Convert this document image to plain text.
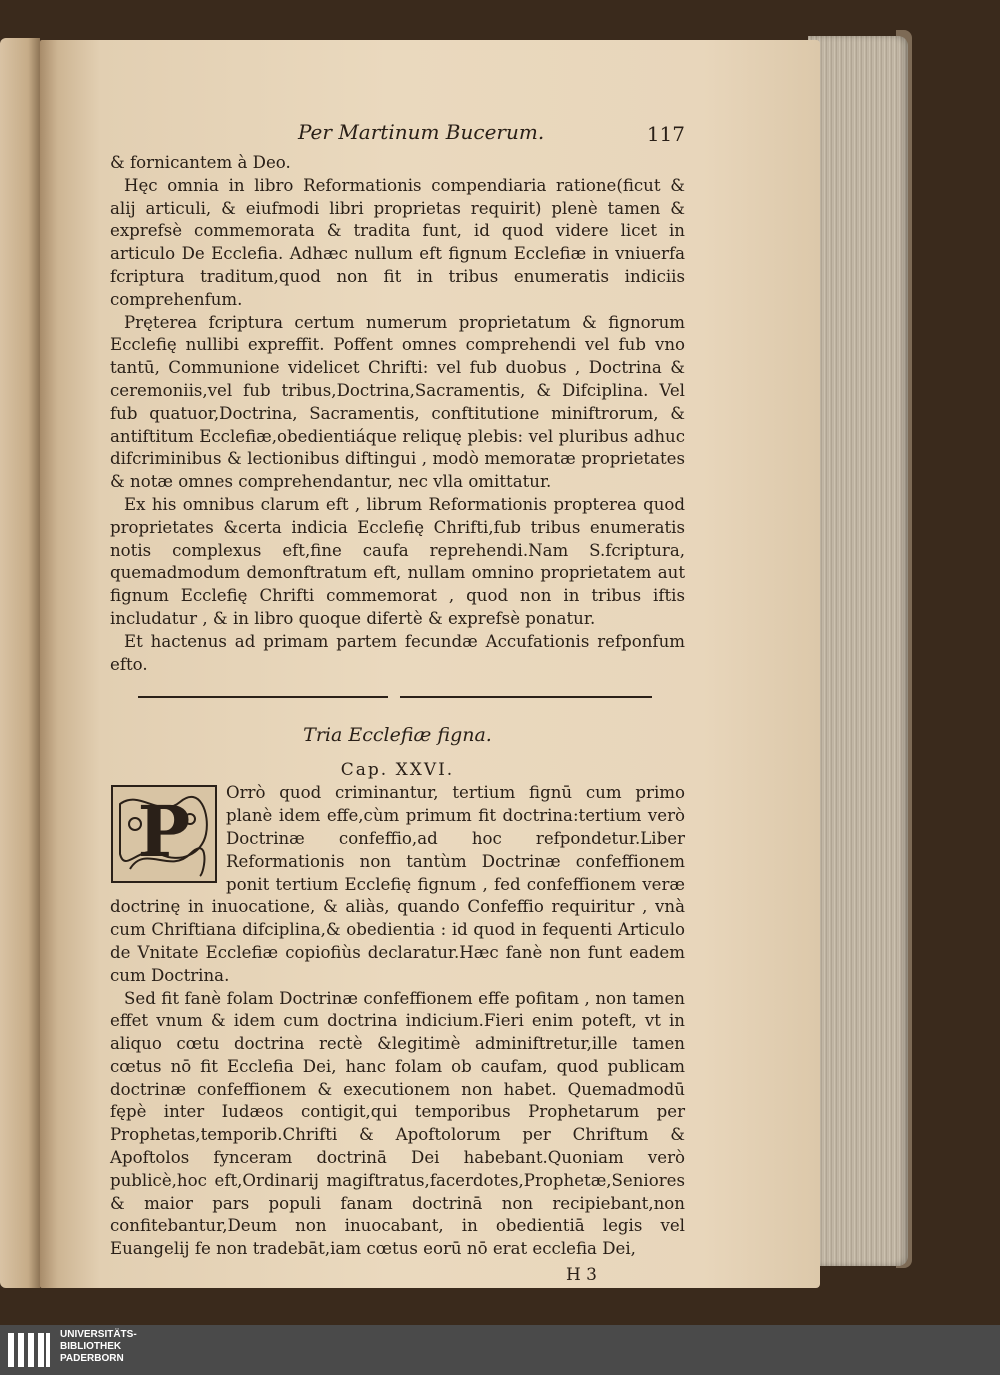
Per Martinum Bucerum.	117

& fornicantem à Deo.

Hęc omnia in libro Reformationis compendiaria ratione(ficut & alij articuli, & eiufmodi libri proprietas requirit) plenè tamen & exprefsè commemorata & tradita funt, id quod videre licet in articulo De Ecclefia. Adhæc nullum eft fignum Ecclefiæ in vniuerfa fcriptura traditum,quod non fit in tribus enumeratis indiciis comprehenfum.

Pręterea fcriptura certum numerum proprietatum & fignorum Ecclefię nullibi expreffit. Poffent omnes comprehendi vel fub vno tantū, Communione videlicet Chrifti: vel fub duobus , Doctrina & ceremoniis,vel fub tribus,Doctrina,Sacramentis, & Difciplina. Vel fub quatuor,Doctrina, Sacramentis, conftitutione miniftrorum, & antiftitum Ecclefiæ,obedientiáque reliquę plebis: vel pluribus adhuc difcriminibus & lectionibus diftingui , modò memoratæ proprietates & notæ omnes comprehendantur, nec vlla omittatur.

Ex his omnibus clarum eft , librum Reformationis propterea quod proprietates &certa indicia Ecclefię Chrifti,fub tribus enumeratis notis complexus eft,fine caufa reprehendi.Nam S.fcriptura, quemadmodum demonftratum eft, nullam omnino proprietatem aut fignum Ecclefię Chrifti commemorat , quod non in tribus iftis includatur , & in libro quoque difertè & exprefsè ponatur.

Et hactenus ad primam partem fecundæ Accufationis refponfum efto.

Tria Ecclefiæ figna.
Cap. XXVI.
P	Orrò quod criminantur, tertium fignū cum primo planè idem effe,cùm primum fit doctrina:tertium verò Doctrinæ confeffio,ad hoc refpondetur.Liber Reformationis non tantùm Doctrinæ confeffionem ponit tertium Ecclefię fignum , fed confeffionem veræ doctrinę in inuocatione, & aliàs, quando Confeffio requiritur , vnà cum Chriftiana difciplina,& obedientia : id quod in fequenti Articulo de Vnitate Ecclefiæ copiofiùs declaratur.Hæc fanè non funt eadem cum Doctrina.

Sed fit fanè folam Doctrinæ confeffionem effe pofitam , non tamen effet vnum & idem cum doctrina indicium.Fieri enim poteft, vt in aliquo cœtu doctrina rectè &legitimè adminiftretur,ille tamen cœtus nō fit Ecclefia Dei, hanc folam ob caufam, quod publicam doctrinæ confeffionem & executionem non habet. Quemadmodū fępè inter Iudæos contigit,qui temporibus Prophetarum per Prophetas,temporib.Chrifti & Apoftolorum per Chriftum & Apoftolos fynceram doctrinā Dei habebant.Quoniam verò publicè,hoc eft,Ordinarij magiftratus,facerdotes,Prophetæ,Seniores & maior pars populi fanam doctrinā non recipiebant,non confitebantur,Deum non inuocabant, in obedientiā legis vel Euangelij fe non tradebāt,iam cœtus eorū nō erat ecclefia Dei,

H 3
UNIVERSITÄTS-
BIBLIOTHEK
PADERBORN
